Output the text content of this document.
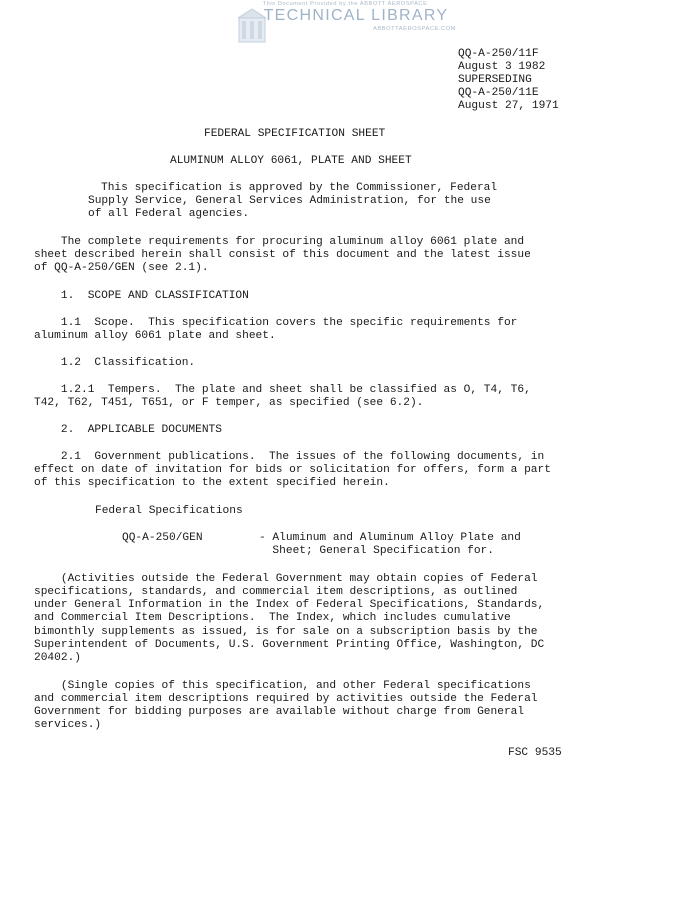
This Document Provided by the ABBOTT AEROSPACE
TECHNICAL LIBRARY
ABBOTTAEROSPACE.COM
QQ-A-250/11F
August 3 1982
SUPERSEDING
QQ-A-250/11E
August 27, 1971
FEDERAL SPECIFICATION SHEET
ALUMINUM ALLOY 6061, PLATE AND SHEET
This specification is approved by the Commissioner, Federal
Supply Service, General Services Administration, for the use
of all Federal agencies.
The complete requirements for procuring aluminum alloy 6061 plate and
sheet described herein shall consist of this document and the latest issue
of QQ-A-250/GEN (see 2.1).
1.  SCOPE AND CLASSIFICATION
1.1  Scope.  This specification covers the specific requirements for
aluminum alloy 6061 plate and sheet.
1.2  Classification.
1.2.1  Tempers.  The plate and sheet shall be classified as O, T4, T6,
T42, T62, T451, T651, or F temper, as specified (see 6.2).
2.  APPLICABLE DOCUMENTS
2.1  Government publications.  The issues of the following documents, in
effect on date of invitation for bids or solicitation for offers, form a part
of this specification to the extent specified herein.
Federal Specifications
QQ-A-250/GEN	- Aluminum and Aluminum Alloy Plate and
Sheet; General Specification for.
(Activities outside the Federal Government may obtain copies of Federal
specifications, standards, and commercial item descriptions, as outlined
under General Information in the Index of Federal Specifications, Standards,
and Commercial Item Descriptions.  The Index, which includes cumulative
bimonthly supplements as issued, is for sale on a subscription basis by the
Superintendent of Documents, U.S. Government Printing Office, Washington, DC
20402.)
(Single copies of this specification, and other Federal specifications
and commercial item descriptions required by activities outside the Federal
Government for bidding purposes are available without charge from General
services.)
FSC 9535
